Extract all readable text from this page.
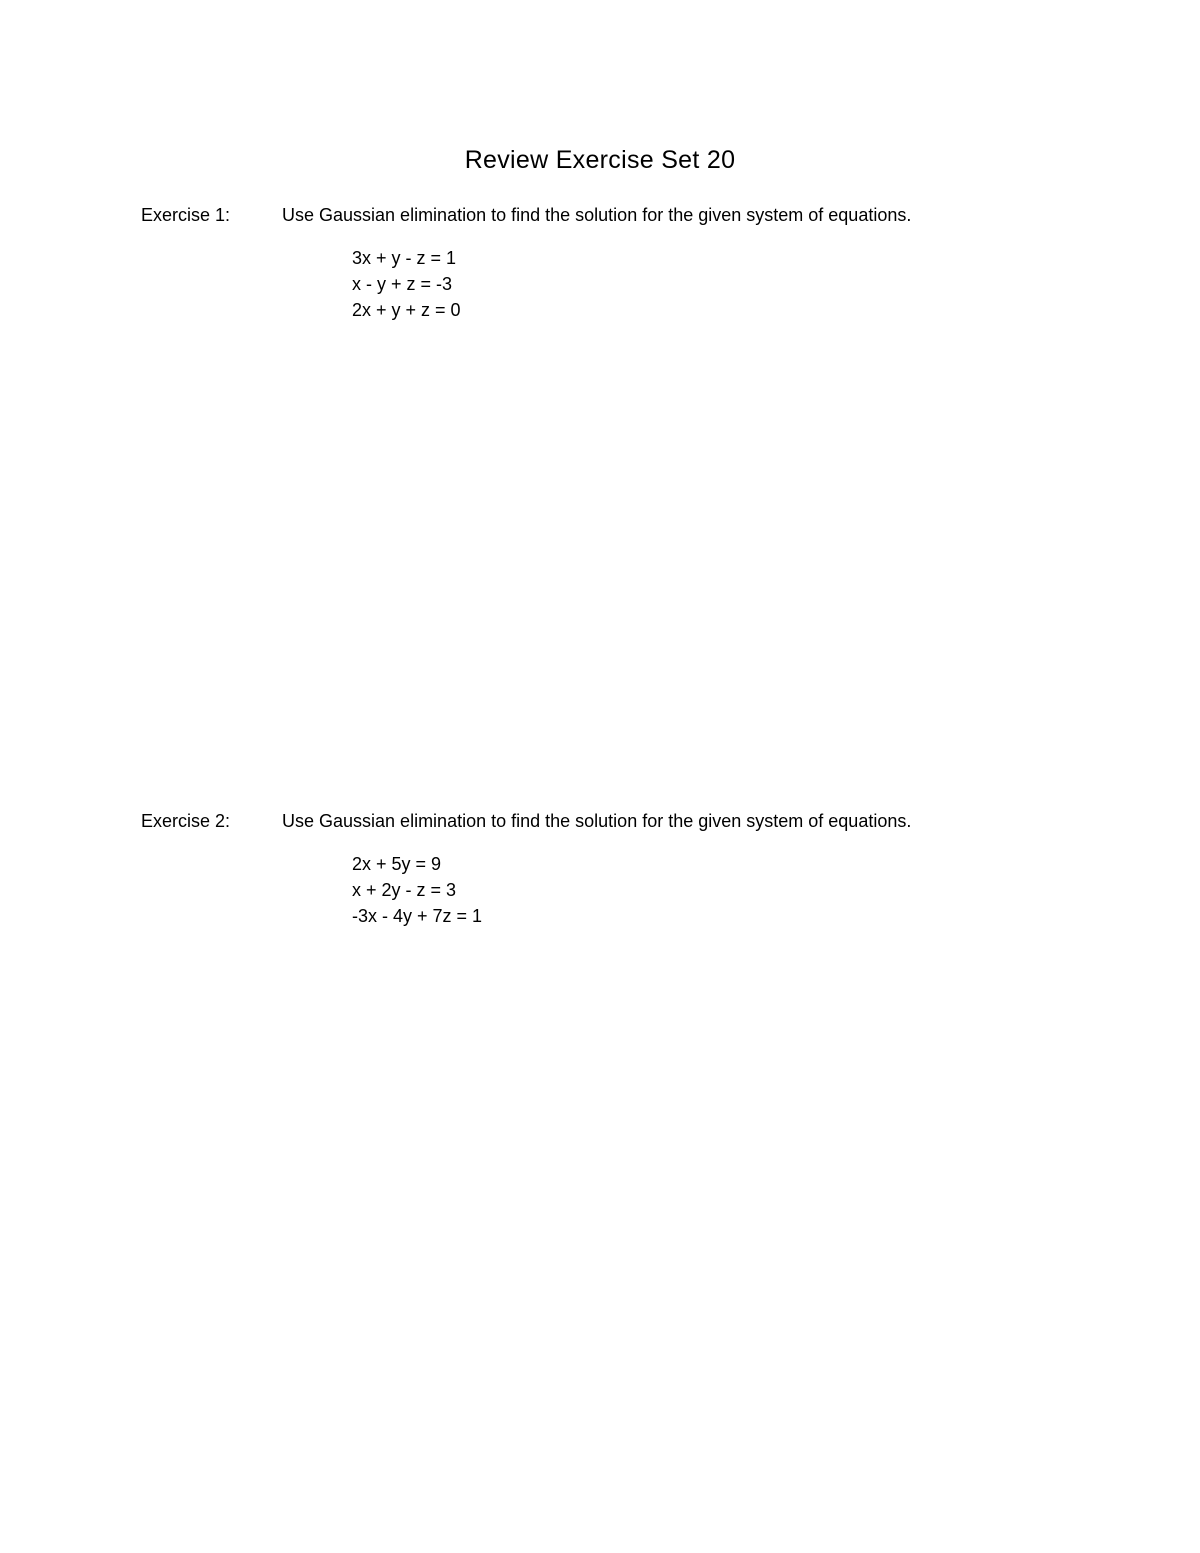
Review Exercise Set 20
Exercise 1:	Use Gaussian elimination to find the solution for the given system of equations.
3x + y - z = 1
x - y + z = -3
2x + y + z = 0
Exercise 2:	Use Gaussian elimination to find the solution for the given system of equations.
2x + 5y = 9
x + 2y - z = 3
-3x - 4y + 7z = 1
